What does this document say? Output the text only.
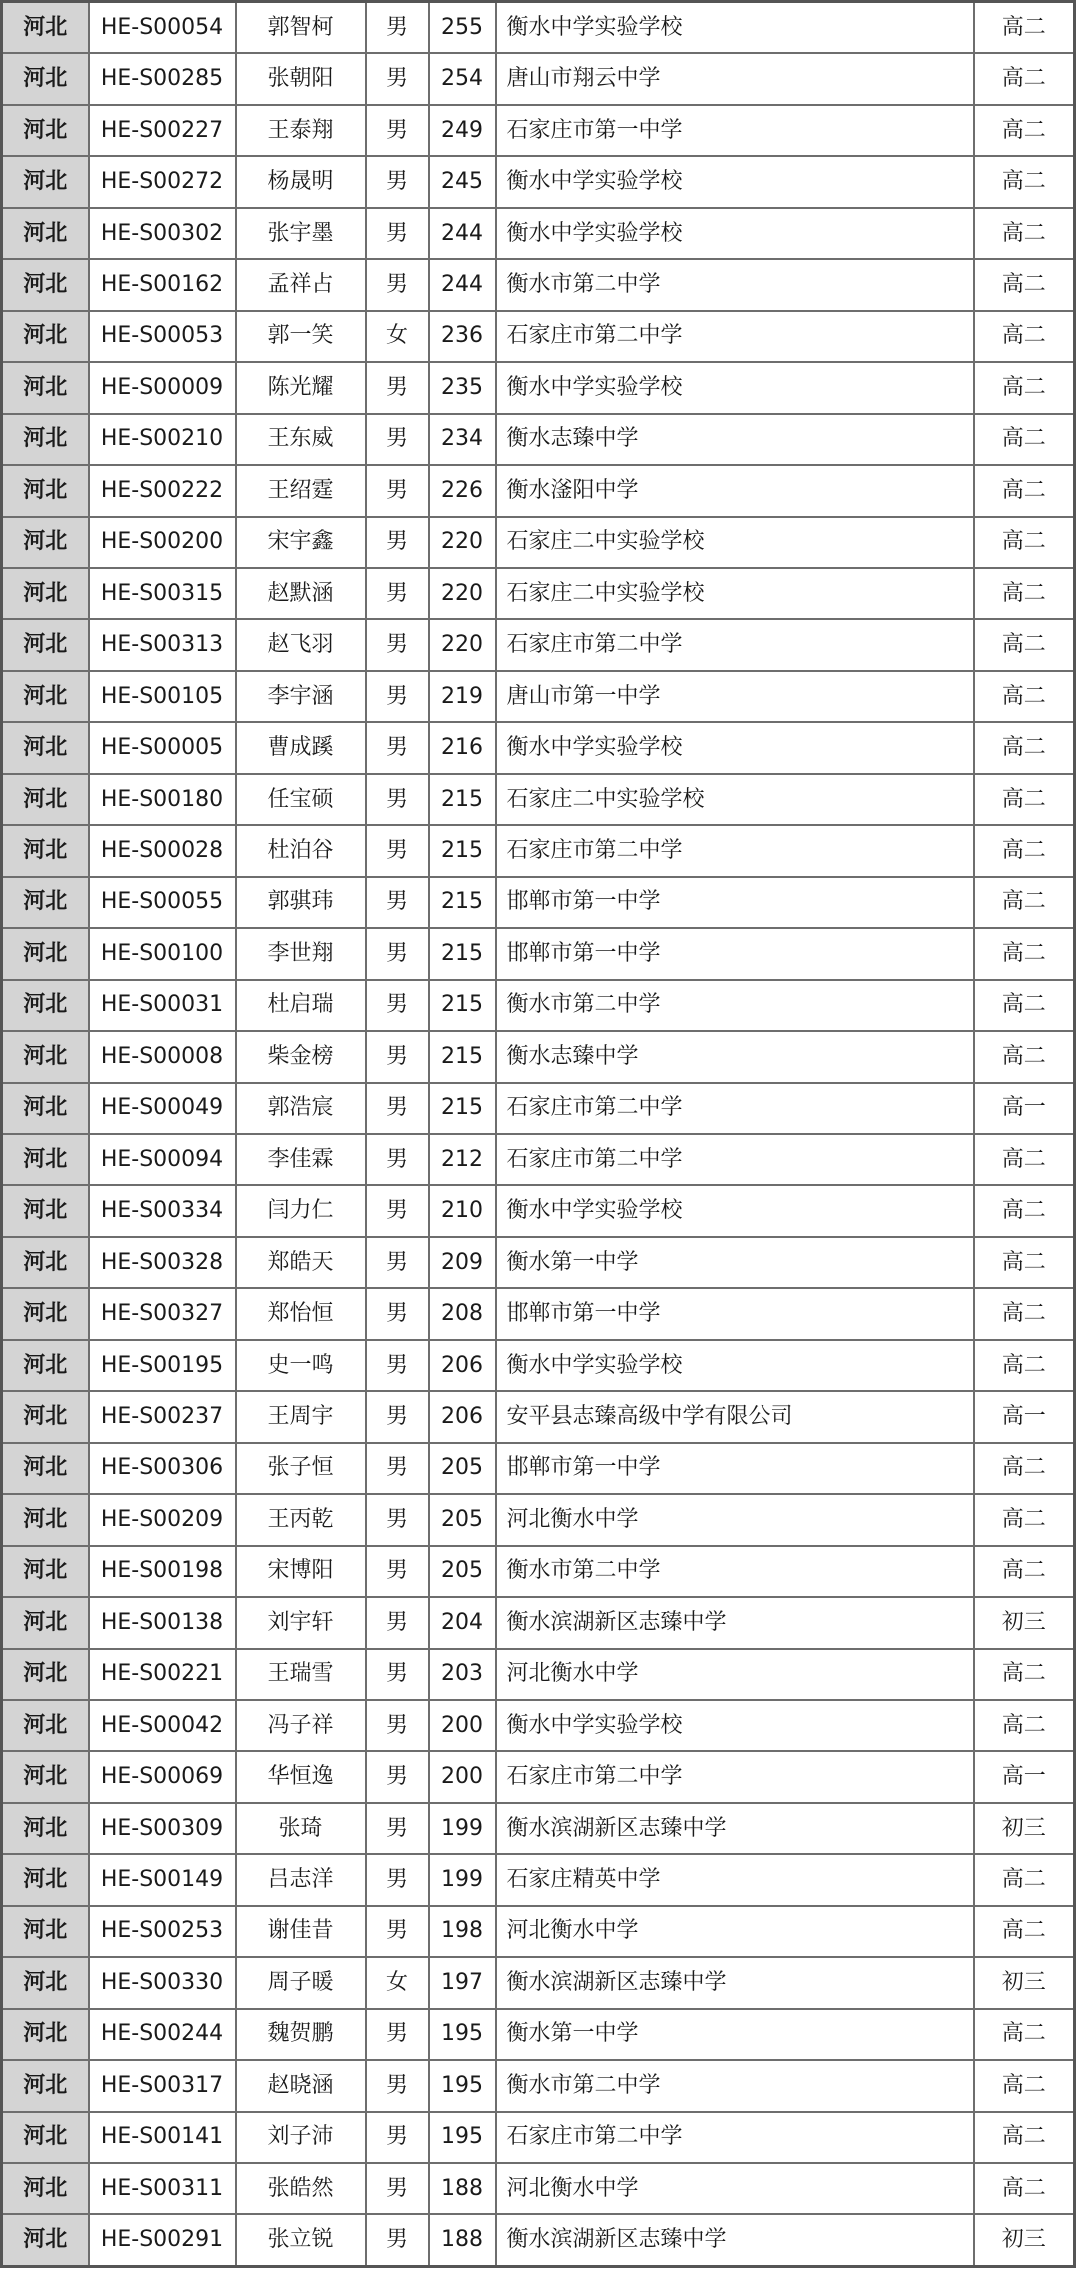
河北	HE-S00054	郭智柯	男	255	衡水中学实验学校	高二
河北	HE-S00285	张朝阳	男	254	唐山市翔云中学	高二
河北	HE-S00227	王泰翔	男	249	石家庄市第一中学	高二
河北	HE-S00272	杨晟明	男	245	衡水中学实验学校	高二
河北	HE-S00302	张宇墨	男	244	衡水中学实验学校	高二
河北	HE-S00162	孟祥占	男	244	衡水市第二中学	高二
河北	HE-S00053	郭一笑	女	236	石家庄市第二中学	高二
河北	HE-S00009	陈光耀	男	235	衡水中学实验学校	高二
河北	HE-S00210	王东威	男	234	衡水志臻中学	高二
河北	HE-S00222	王绍霆	男	226	衡水滏阳中学	高二
河北	HE-S00200	宋宇鑫	男	220	石家庄二中实验学校	高二
河北	HE-S00315	赵默涵	男	220	石家庄二中实验学校	高二
河北	HE-S00313	赵飞羽	男	220	石家庄市第二中学	高二
河北	HE-S00105	李宇涵	男	219	唐山市第一中学	高二
河北	HE-S00005	曹成蹊	男	216	衡水中学实验学校	高二
河北	HE-S00180	任宝硕	男	215	石家庄二中实验学校	高二
河北	HE-S00028	杜泊谷	男	215	石家庄市第二中学	高二
河北	HE-S00055	郭骐玮	男	215	邯郸市第一中学	高二
河北	HE-S00100	李世翔	男	215	邯郸市第一中学	高二
河北	HE-S00031	杜启瑞	男	215	衡水市第二中学	高二
河北	HE-S00008	柴金榜	男	215	衡水志臻中学	高二
河北	HE-S00049	郭浩宸	男	215	石家庄市第二中学	高一
河北	HE-S00094	李佳霖	男	212	石家庄市第二中学	高二
河北	HE-S00334	闫力仁	男	210	衡水中学实验学校	高二
河北	HE-S00328	郑皓天	男	209	衡水第一中学	高二
河北	HE-S00327	郑怡恒	男	208	邯郸市第一中学	高二
河北	HE-S00195	史一鸣	男	206	衡水中学实验学校	高二
河北	HE-S00237	王周宇	男	206	安平县志臻高级中学有限公司	高一
河北	HE-S00306	张子恒	男	205	邯郸市第一中学	高二
河北	HE-S00209	王丙乾	男	205	河北衡水中学	高二
河北	HE-S00198	宋博阳	男	205	衡水市第二中学	高二
河北	HE-S00138	刘宇轩	男	204	衡水滨湖新区志臻中学	初三
河北	HE-S00221	王瑞雪	男	203	河北衡水中学	高二
河北	HE-S00042	冯子祥	男	200	衡水中学实验学校	高二
河北	HE-S00069	华恒逸	男	200	石家庄市第二中学	高一
河北	HE-S00309	张琦	男	199	衡水滨湖新区志臻中学	初三
河北	HE-S00149	吕志洋	男	199	石家庄精英中学	高二
河北	HE-S00253	谢佳昔	男	198	河北衡水中学	高二
河北	HE-S00330	周子暖	女	197	衡水滨湖新区志臻中学	初三
河北	HE-S00244	魏贺鹏	男	195	衡水第一中学	高二
河北	HE-S00317	赵晓涵	男	195	衡水市第二中学	高二
河北	HE-S00141	刘子沛	男	195	石家庄市第二中学	高二
河北	HE-S00311	张皓然	男	188	河北衡水中学	高二
河北	HE-S00291	张立锐	男	188	衡水滨湖新区志臻中学	初三
